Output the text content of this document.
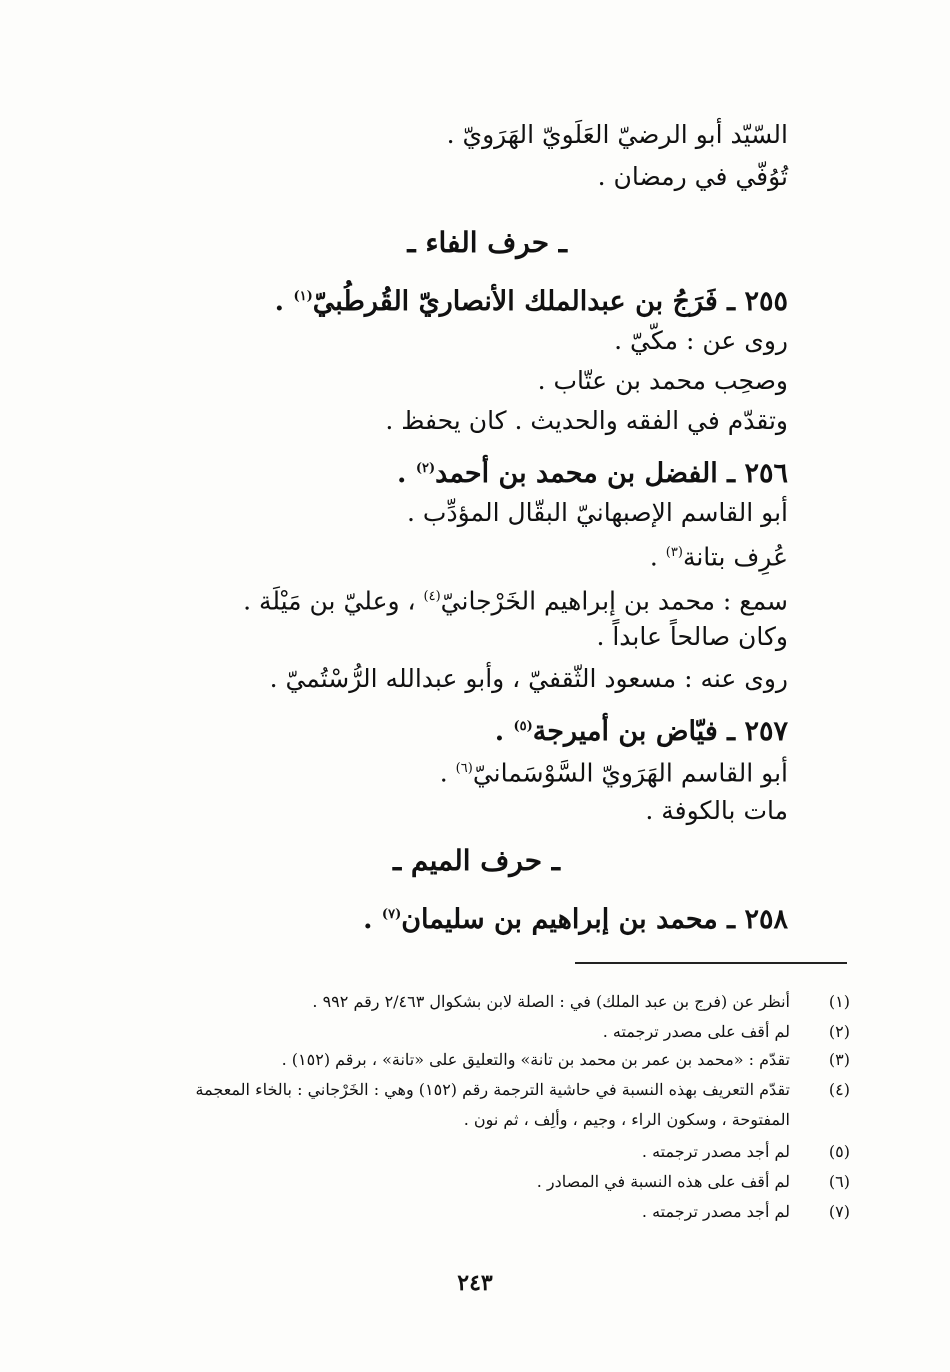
السّيّد أبو الرضيّ العَلَويّ الهَرَويّ .

تُوُفّي في رمضان .

ـ حرف الفاء ـ

٢٥٥ ـ فَرَجُ بن عبدالملك الأنصاريّ القُرطُبيّ$^{(١)}$ .

روى عن : مكّيّ .

وصحِب محمد بن عتّاب .

وتقدّم في الفقه والحديث . كان يحفظ .

٢٥٦ ـ الفضل بن محمد بن أحمد$^{(٢)}$ .

أبو القاسم الإصبهانيّ البقّال المؤدِّب .

عُرِف بتانة$^{(٣)}$ .

سمع : محمد بن إبراهيم الخَرْجانيّ$^{(٤)}$ ، وعليّ بن مَيْلَة .

وكان صالحاً عابداً .

روى عنه : مسعود الثّقفيّ ، وأبو عبدالله الرُّسْتُميّ .

٢٥٧ ـ فيّاض بن أميرجة$^{(٥)}$ .

أبو القاسم الهَرَويّ السَّوْسَمانيّ$^{(٦)}$ .

مات بالكوفة .

ـ حرف الميم ـ

٢٥٨ ـ محمد بن إبراهيم بن سليمان$^{(٧)}$ .

(١)أنظر عن (فرج بن عبد الملك) في : الصلة لابن بشكوال ٢/٤٦٣ رقم ٩٩٢ .

(٢)لم أقف على مصدر ترجمته .

(٣)تقدّم : «محمد بن عمر بن محمد بن تانة» والتعليق على «تانة» ، برقم (١٥٢) .

(٤)تقدّم التعريف بهذه النسبة في حاشية الترجمة رقم (١٥٢) وهي : الخَرْجاني : بالخاء المعجمة

المفتوحة ، وسكون الراء ، وجيم ، وألِف ، ثم نون .

(٥)لم أجد مصدر ترجمته .

(٦)لم أقف على هذه النسبة في المصادر .

(٧)لم أجد مصدر ترجمته .

٢٤٣
